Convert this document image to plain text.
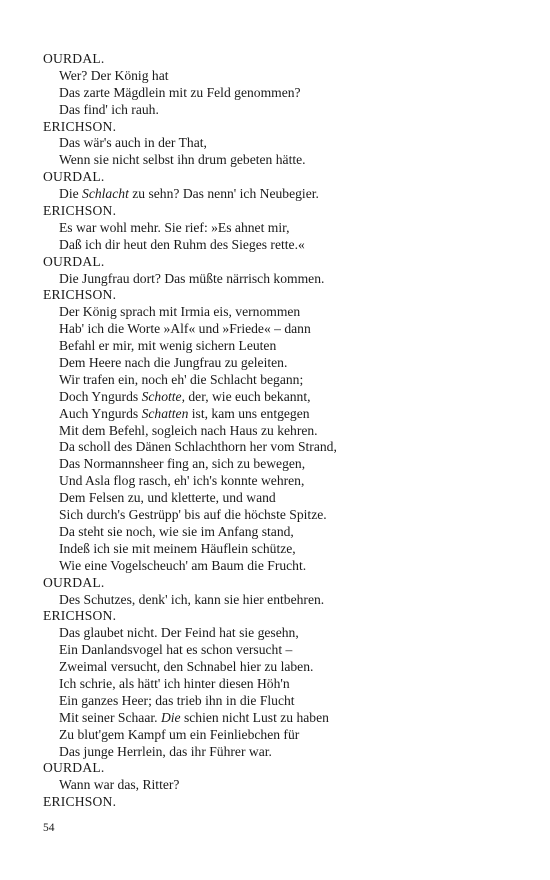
OURDAL.
Wer? Der König hat
Das zarte Mägdlein mit zu Feld genommen?
Das find' ich rauh.
ERICHSON.
Das wär's auch in der That,
Wenn sie nicht selbst ihn drum gebeten hätte.
OURDAL.
Die Schlacht zu sehn? Das nenn' ich Neubegier.
ERICHSON.
Es war wohl mehr. Sie rief: »Es ahnet mir,
Daß ich dir heut den Ruhm des Sieges rette.«
OURDAL.
Die Jungfrau dort? Das müßte närrisch kommen.
ERICHSON.
Der König sprach mit Irmia eis, vernommen
Hab' ich die Worte »Alf« und »Friede« – dann
Befahl er mir, mit wenig sichern Leuten
Dem Heere nach die Jungfrau zu geleiten.
Wir trafen ein, noch eh' die Schlacht begann;
Doch Yngurds Schotte, der, wie euch bekannt,
Auch Yngurds Schatten ist, kam uns entgegen
Mit dem Befehl, sogleich nach Haus zu kehren.
Da scholl des Dänen Schlachthorn her vom Strand,
Das Normannsheer fing an, sich zu bewegen,
Und Asla flog rasch, eh' ich's konnte wehren,
Dem Felsen zu, und kletterte, und wand
Sich durch's Gestrüpp' bis auf die höchste Spitze.
Da steht sie noch, wie sie im Anfang stand,
Indeß ich sie mit meinem Häuflein schütze,
Wie eine Vogelscheuch' am Baum die Frucht.
OURDAL.
Des Schutzes, denk' ich, kann sie hier entbehren.
ERICHSON.
Das glaubet nicht. Der Feind hat sie gesehn,
Ein Danlandsvogel hat es schon versucht –
Zweimal versucht, den Schnabel hier zu laben.
Ich schrie, als hätt' ich hinter diesen Höh'n
Ein ganzes Heer; das trieb ihn in die Flucht
Mit seiner Schaar. Die schien nicht Lust zu haben
Zu blut'gem Kampf um ein Feinliebchen für
Das junge Herrlein, das ihr Führer war.
OURDAL.
Wann war das, Ritter?
ERICHSON.
54
